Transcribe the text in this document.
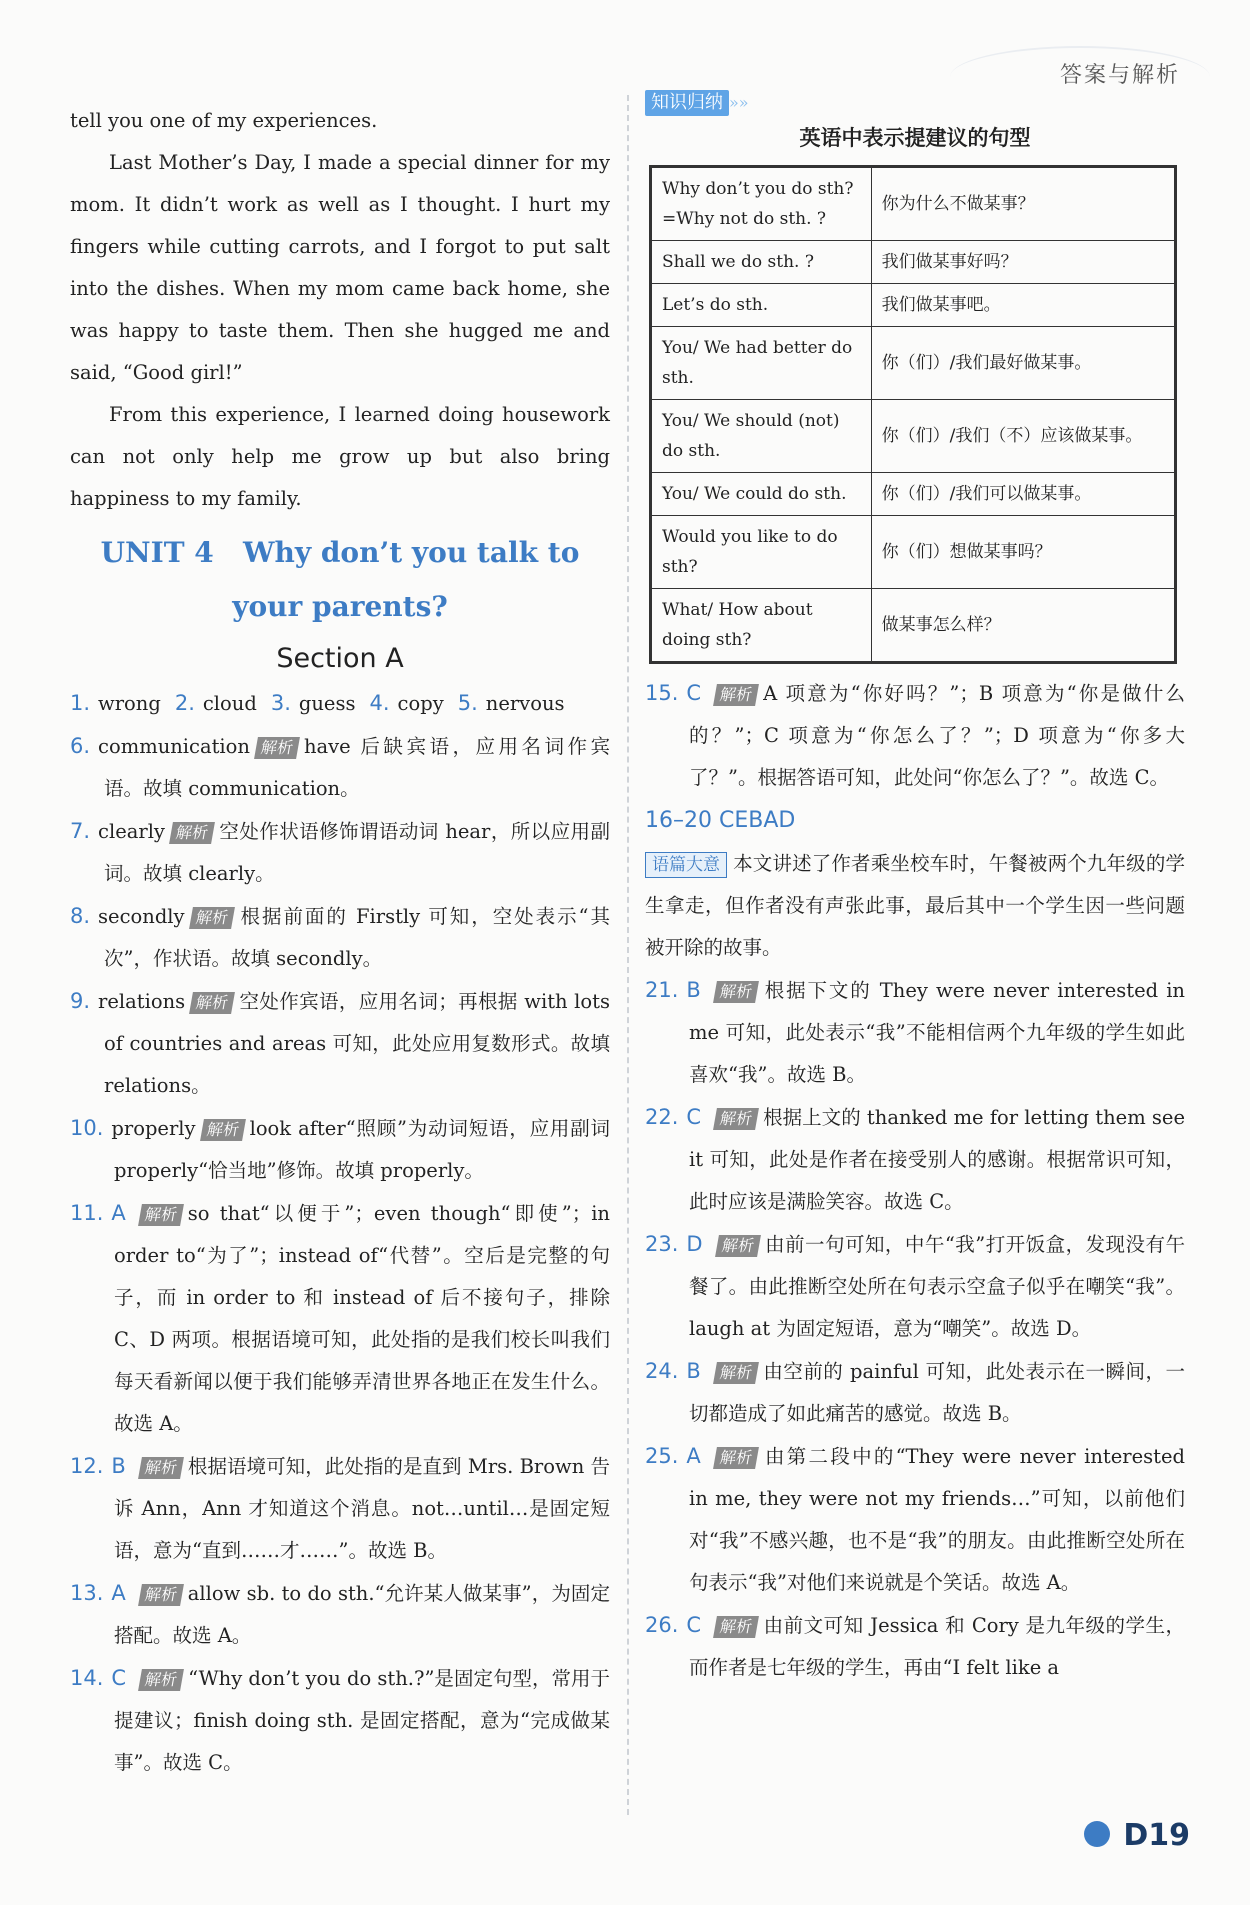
答案与解析

tell you one of my experiences.

Last Mother’s Day, I made a special dinner for my mom. It didn’t work as well as I thought. I hurt my fingers while cutting carrots, and I forgot to put salt into the dishes. When my mom came back home, she was happy to taste them. Then she hugged me and said, “Good girl!”

From this experience, I learned doing housework can not only help me grow up but also bring happiness to my family.

UNIT 4   Why don’t you talk to
your parents?
Section A
1. wrong 2. cloud 3. guess 4. copy 5. nervous

6. communication 解析 have 后缺宾语，应用名词作宾语。故填 communication。

7. clearly 解析 空处作状语修饰谓语动词 hear，所以应用副词。故填 clearly。

8. secondly 解析 根据前面的 Firstly 可知，空处表示“其次”，作状语。故填 secondly。

9. relations 解析 空处作宾语，应用名词；再根据 with lots of countries and areas 可知，此处应用复数形式。故填 relations。

10. properly 解析 look after“照顾”为动词短语，应用副词 properly“恰当地”修饰。故填 properly。

11. A 解析 so that“以便于”；even though“即使”；in order to“为了”；instead of“代替”。空后是完整的句子，而 in order to 和 instead of 后不接句子，排除 C、D 两项。根据语境可知，此处指的是我们校长叫我们每天看新闻以便于我们能够弄清世界各地正在发生什么。故选 A。

12. B 解析 根据语境可知，此处指的是直到 Mrs. Brown 告诉 Ann，Ann 才知道这个消息。not…until…是固定短语，意为“直到……才……”。故选 B。

13. A 解析 allow sb. to do sth.“允许某人做某事”，为固定搭配。故选 A。

14. C 解析 “Why don’t you do sth.?”是固定句型，常用于提建议；finish doing sth. 是固定搭配，意为“完成做某事”。故选 C。

知识归纳 »»
英语中表示提建议的句型
Why don’t you do sth? =Why not do sth. ?	你为什么不做某事？
Shall we do sth. ?	我们做某事好吗？
Let’s do sth.	我们做某事吧。
You/ We had better do sth.	你（们）/我们最好做某事。
You/ We should (not) do sth.	你（们）/我们（不）应该做某事。
You/ We could do sth.	你（们）/我们可以做某事。
Would you like to do sth?	你（们）想做某事吗？
What/ How about doing sth?	做某事怎么样？

15. C 解析 A 项意为“你好吗？”；B 项意为“你是做什么的？”；C 项意为“你怎么了？”；D 项意为“你多大了？”。根据答语可知，此处问“你怎么了？”。故选 C。

16–20 CEBAD

语篇大意 本文讲述了作者乘坐校车时，午餐被两个九年级的学生拿走，但作者没有声张此事，最后其中一个学生因一些问题被开除的故事。

21. B 解析 根据下文的 They were never interested in me 可知，此处表示“我”不能相信两个九年级的学生如此喜欢“我”。故选 B。

22. C 解析 根据上文的 thanked me for letting them see it 可知，此处是作者在接受别人的感谢。根据常识可知，此时应该是满脸笑容。故选 C。

23. D 解析 由前一句可知，中午“我”打开饭盒，发现没有午餐了。由此推断空处所在句表示空盒子似乎在嘲笑“我”。laugh at 为固定短语，意为“嘲笑”。故选 D。

24. B 解析 由空前的 painful 可知，此处表示在一瞬间，一切都造成了如此痛苦的感觉。故选 B。

25. A 解析 由第二段中的“They were never interested in me, they were not my friends…”可知，以前他们对“我”不感兴趣，也不是“我”的朋友。由此推断空处所在句表示“我”对他们来说就是个笑话。故选 A。

26. C 解析 由前文可知 Jessica 和 Cory 是九年级的学生，而作者是七年级的学生，再由“I felt like a

D19
